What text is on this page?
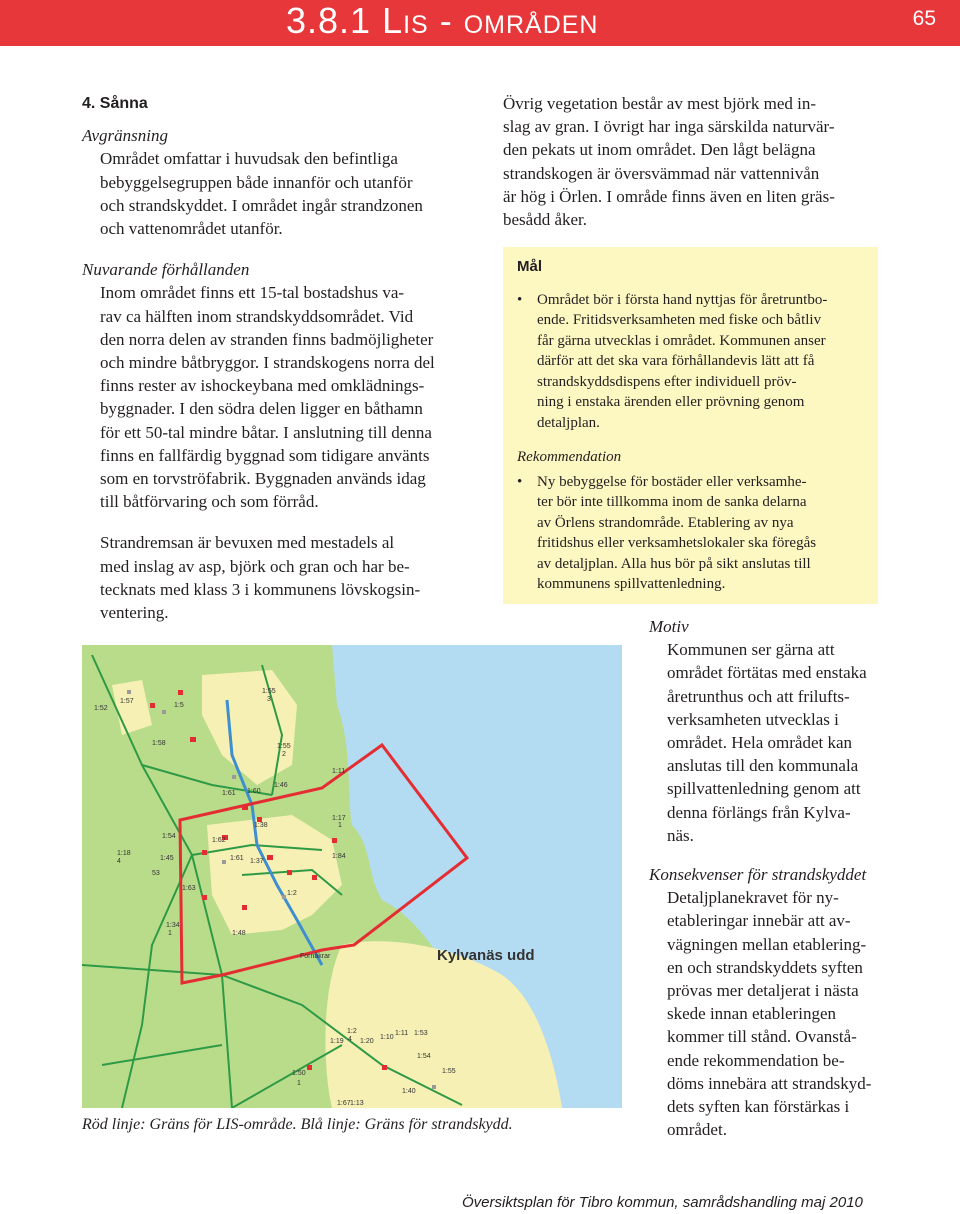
3.8.1 Lis - områden	65
4. Sånna
Avgränsning
Området omfattar i huvudsak den befintliga
bebyggelsegruppen både innanför och utanför
och strandskyddet. I området ingår strandzonen
och vattenområdet utanför.
Nuvarande förhållanden
Inom området finns ett 15-tal bostadshus va-
rav ca hälften inom strandskyddsområdet. Vid
den norra delen av stranden finns badmöjligheter
och mindre båtbryggor. I strandskogens norra del
finns rester av ishockeybana med omklädnings-
byggnader. I den södra delen ligger en båthamn
för ett 50-tal mindre båtar. I anslutning till denna
finns en fallfärdig byggnad som tidigare använts
som en torvströfabrik. Byggnaden används idag
till båtförvaring och som förråd.
Strandremsan är bevuxen med mestadels al
med inslag av asp, björk och gran och har be-
tecknats med klass 3 i kommunens lövskogsin-
ventering.
Övrig vegetation består av mest björk med in-
slag av gran. I övrigt har inga särskilda naturvär-
den pekats ut inom området. Den lågt belägna
strandskogen är översvämmad när vattennivån
är hög i Örlen. I område finns även en liten gräs-
besådd åker.
Mål
• Området bör i första hand nyttjas för åretruntbo-
ende. Fritidsverksamheten med fiske och båtliv
får gärna utvecklas i området. Kommunen anser
därför att det ska vara förhållandevis lätt att få
strandskyddsdispens efter individuell pröv-
ning i enstaka ärenden eller prövning genom
detaljplan.
Rekommendation
• Ny bebyggelse för bostäder eller verksamhe-
ter bör inte tillkomma inom de sanka delarna
av Örlens strandområde. Etablering av nya
fritidshus eller verksamhetslokaler ska föregås
av detaljplan. Alla hus bör på sikt anslutas till
kommunens spillvattenledning.
Kylvanäs udd
Fornåkrar
1:52
1:57
1:5
1:55
3
1:58	1:55
2
1:11
1:61 1:60
1:46
1:38
1:54
1:62
1:17
1
1:84
1:18
4	1:45	1:61 1:37
53
1:63
1:2
1:34
1	1:48
1:2
4
1:19 1:20
1:10
1:11 1:53
1:54
1:50
1
1:55
1:40
1:67 1:13
Röd linje: Gräns för LIS-område. Blå linje: Gräns för strandskydd.
Motiv
Kommunen ser gärna att
området förtätas med enstaka
åretrunthus och att frilufts-
verksamheten utvecklas i
området. Hela området kan
anslutas till den kommunala
spillvattenledning genom att
denna förlängs från Kylva-
näs.
Konsekvenser för strandskyddet
Detaljplanekravet för ny-
etableringar innebär att av-
vägningen mellan etablering-
en och strandskyddets syften
prövas mer detaljerat i nästa
skede innan etableringen
kommer till stånd. Ovanstå-
ende rekommendation be-
döms innebära att strandskyd-
dets syften kan förstärkas i
området.
Översiktsplan för Tibro kommun, samrådshandling maj 2010
